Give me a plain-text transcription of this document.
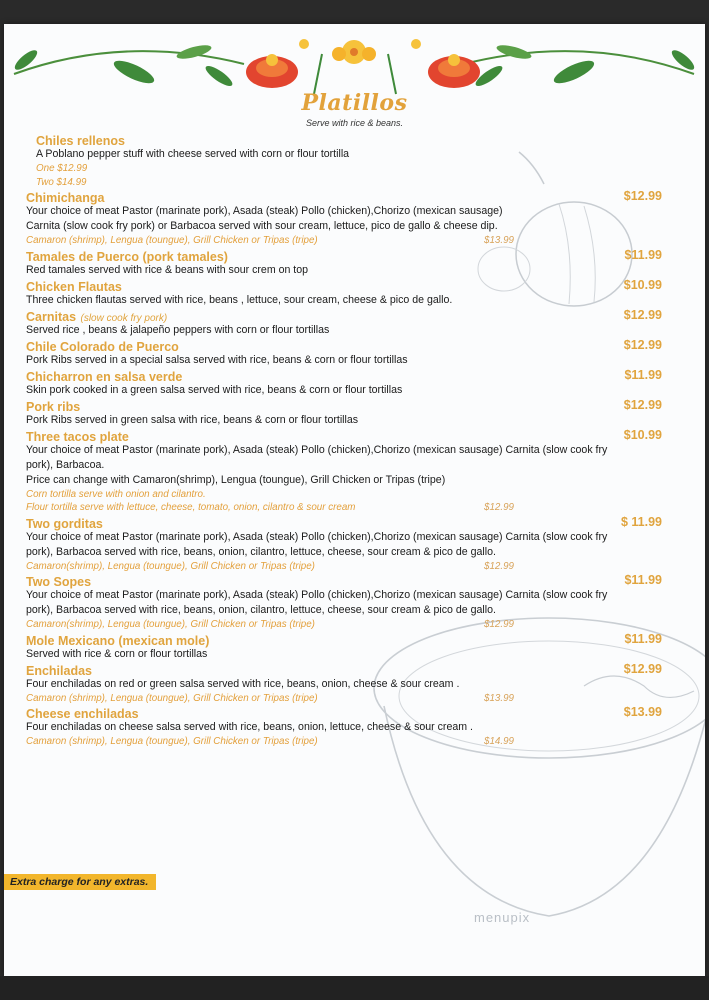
Platillos
Serve with rice & beans.
Chiles rellenos
A Poblano pepper stuff with cheese served with corn or flour tortilla
One $12.99
Two $14.99
Chimichanga	$12.99
Your choice of meat Pastor (marinate pork), Asada (steak) Pollo (chicken),Chorizo (mexican sausage)
Carnita (slow cook fry pork) or Barbacoa served with sour cream, lettuce, pico de gallo & cheese dip.
Camaron (shrimp), Lengua (toungue), Grill Chicken or Tripas (tripe)	$13.99
Tamales de Puerco (pork tamales)	$11.99
Red tamales served with rice & beans with sour crem on top
Chicken Flautas	$10.99
Three chicken flautas served with rice, beans , lettuce, sour cream, cheese & pico de gallo.
Carnitas (slow cook fry pork)	$12.99
Served rice , beans & jalapeño peppers with corn or flour tortillas
Chile Colorado de Puerco	$12.99
Pork Ribs served in a special salsa served with rice, beans & corn or flour tortillas
Chicharron en salsa verde	$11.99
Skin pork cooked in a green salsa served with rice, beans & corn or flour tortillas
Pork ribs	$12.99
Pork Ribs served in green salsa with rice, beans & corn or flour tortillas
Three tacos plate	$10.99
Your choice of meat Pastor (marinate pork), Asada (steak) Pollo (chicken),Chorizo (mexican sausage) Carnita (slow cook fry
pork), Barbacoa.
Price can change with Camaron(shrimp), Lengua (toungue), Grill Chicken or Tripas (tripe)
Corn tortilla serve with onion and cilantro.
Flour tortilla serve with lettuce, cheese, tomato, onion, cilantro & sour cream	$12.99
Two gorditas	$ 11.99
Your choice of meat Pastor (marinate pork), Asada (steak) Pollo (chicken),Chorizo (mexican sausage) Carnita (slow cook fry
pork), Barbacoa served with rice, beans, onion, cilantro, lettuce, cheese, sour cream & pico de gallo.
Camaron(shrimp), Lengua (toungue), Grill Chicken or Tripas (tripe)	$12.99
Two Sopes	$11.99
Your choice of meat Pastor (marinate pork), Asada (steak) Pollo (chicken),Chorizo (mexican sausage) Carnita (slow cook fry
pork), Barbacoa served with rice, beans, onion, cilantro, lettuce, cheese, sour cream & pico de gallo.
Camaron(shrimp), Lengua (toungue), Grill Chicken or Tripas (tripe)	$12.99
Mole Mexicano (mexican mole)	$11.99
Served with rice & corn or flour tortillas
Enchiladas	$12.99
Four enchiladas on red or green salsa served with rice, beans, onion, cheese & sour cream .
Camaron (shrimp), Lengua (toungue), Grill Chicken or Tripas (tripe)	$13.99
Cheese enchiladas	$13.99
Four enchiladas on cheese salsa served with rice, beans, onion, lettuce, cheese & sour cream .
Camaron (shrimp), Lengua (toungue), Grill Chicken or Tripas (tripe)	$14.99
Extra charge for any extras.
menupix
